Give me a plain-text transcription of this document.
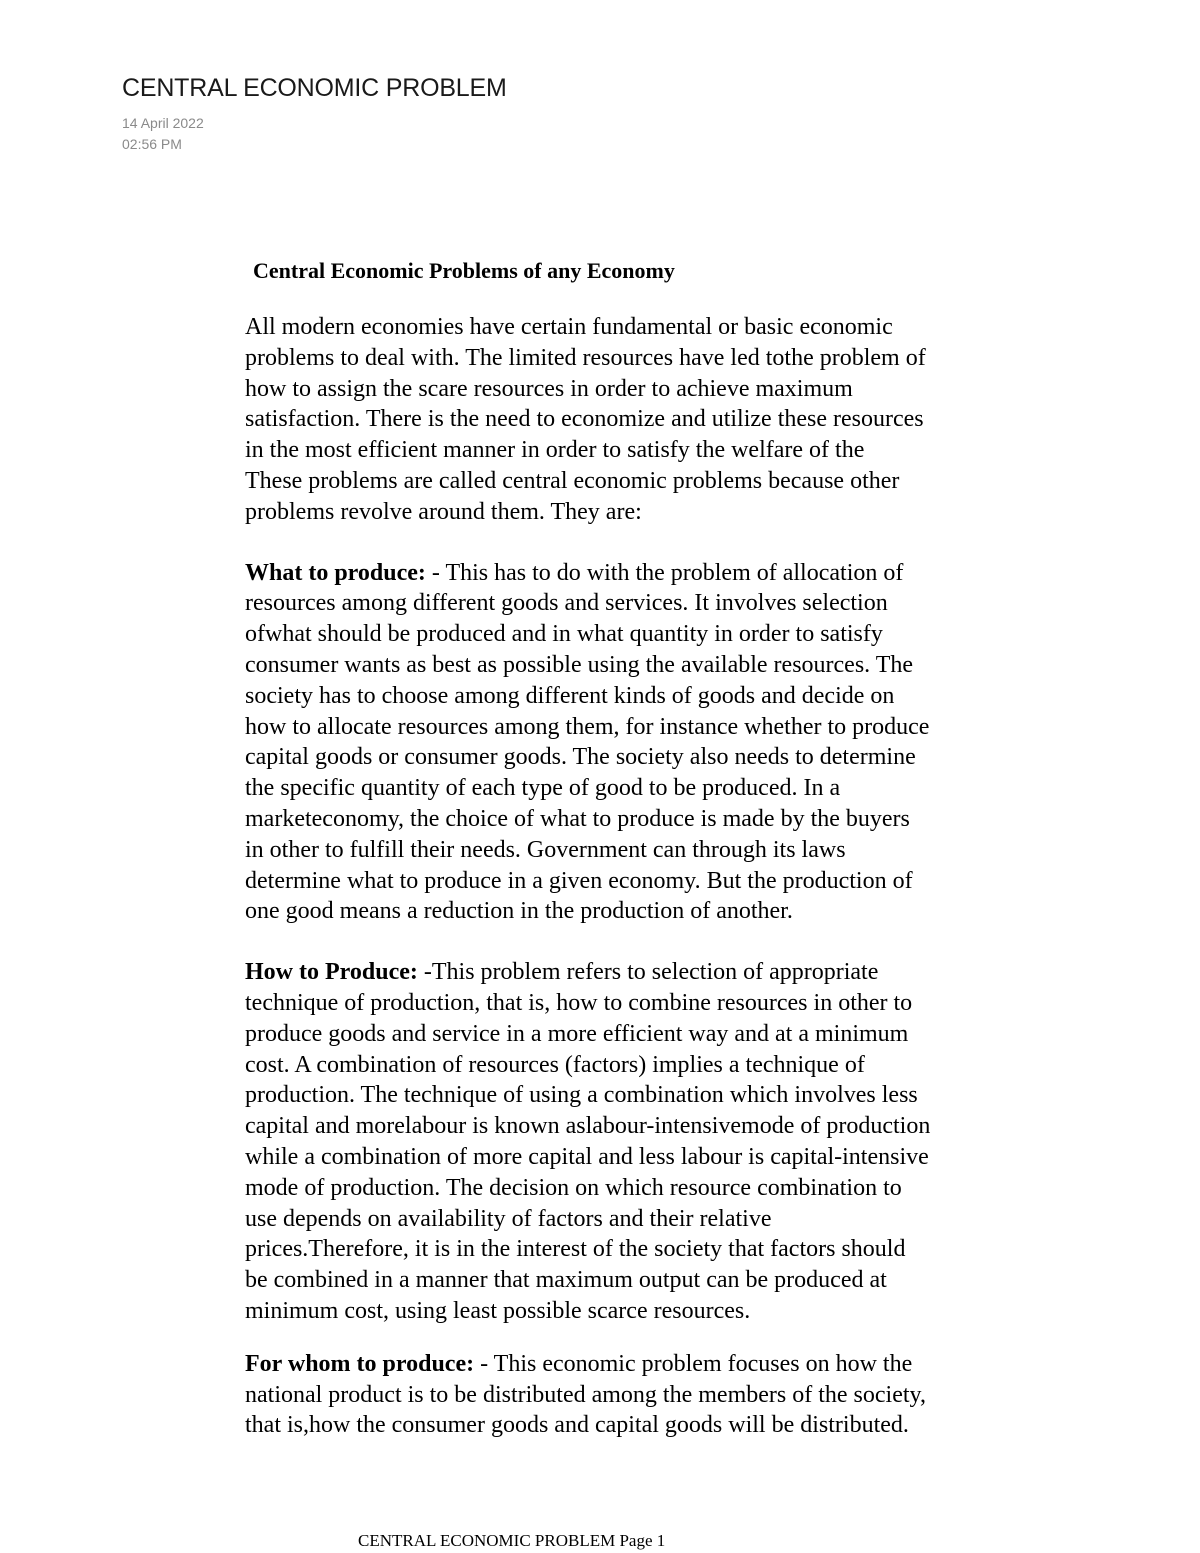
CENTRAL ECONOMIC PROBLEM
14 April 2022
02:56 PM
Central Economic Problems of any Economy
All modern economies have certain fundamental or basic economic
problems to deal with. The limited resources have led tothe problem of
how to assign the scare resources in order to achieve maximum
satisfaction. There is the need to economize and utilize these resources
in the most efficient manner in order to satisfy the welfare of the
These problems are called central economic problems because other
problems revolve around them. They are:
What to produce: - This has to do with the problem of allocation of
resources among different goods and services. It involves selection
ofwhat should be produced and in what quantity in order to satisfy
consumer wants as best as possible using the available resources. The
society has to choose among different kinds of goods and decide on
how to allocate resources among them, for instance whether to produce
capital goods or consumer goods. The society also needs to determine
the specific quantity of each type of good to be produced. In a
marketeconomy, the choice of what to produce is made by the buyers
in other to fulfill their needs. Government can through its laws
determine what to produce in a given economy. But the production of
one good means a reduction in the production of another.
How to Produce: -This problem refers to selection of appropriate
technique of production, that is, how to combine resources in other to
produce goods and service in a more efficient way and at a minimum
cost. A combination of resources (factors) implies a technique of
production. The technique of using a combination which involves less
capital and morelabour is known aslabour-intensivemode of production
while a combination of more capital and less labour is capital-intensive
mode of production. The decision on which resource combination to
use depends on availability of factors and their relative
prices.Therefore, it is in the interest of the society that factors should
be combined in a manner that maximum output can be produced at
minimum cost, using least possible scarce resources.
For whom to produce: - This economic problem focuses on how the
national product is to be distributed among the members of the society,
that is,how the consumer goods and capital goods will be distributed.
CENTRAL ECONOMIC PROBLEM Page 1
